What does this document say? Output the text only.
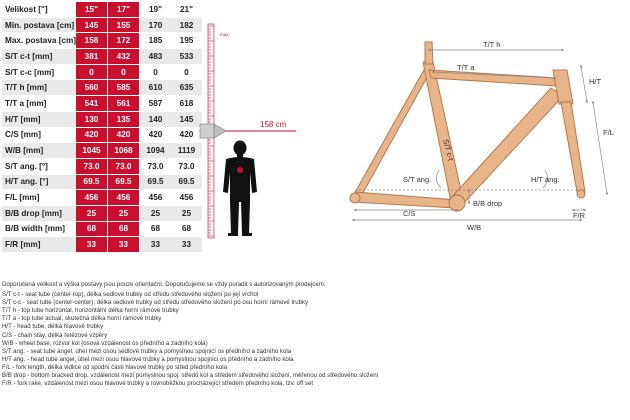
Velikost ["]	15"	17"	19"	21"
Min. postava [cm]	145	155	170	182
Max. postava [cm]	158	172	185	195
S/T c-t [mm]	381	432	483	533
S/T c-c [mm]	0	0	0	0
T/T h [mm]	560	585	610	635
T/T a [mm]	541	561	587	618
H/T [mm]	130	135	140	145
C/S [mm]	420	420	420	420
W/B [mm]	1045	1068	1094	1119
S/T ang. [°]	73.0	73.0	73.0	73.0
H/T ang. [°]	69.5	69.5	69.5	69.5
F/L [mm]	456	456	456	456
B/B drop [mm]	25	25	25	25
B/B width [mm]	68	68	68	68
F/R [mm]	33	33	33	33
max
158 cm
T/T h
T/T a
H/T
F/L
S/T c-t
S/T ang.	H/T ang.
C/S
B/B drop
W/B
F/R
Doporučená velikost a výška postavy jsou pouze orientační. Doporučujeme se vždy poradit s autorizovaným prodejcem.
S/T c-t - seat tube (center-top), délka sedlové trubky od středu středového složení po její vrchol
S/T c-c - seat tube (center-center), délka sedlové trubky od středu středového složení po osu horní rámové trubky
T/T h - top tube horizontal, horizontální délka horní rámové trubky
T/T a - top tube actual, skutečná délka horní rámové trubky
H/T - head tube, délka hlavové trubky
C/S - chain stay, délka řetězové vzpěry
W/B - wheel base, rozvor kol (osová vzdálenost os předního a zadního kola)
S/T ang. - seat tube angel, úhel mezi osou sedlové trubky a pomyslnou spojnicí os předního a zadního kola
H/T ang. - head tube angel, úhel mezi osou hlavové trubky a pomyslnou spojnicí os předního a zadního kola
F/L - fork length, délka vidlice od spodní části hlavové trubky po střed předního kola
B/B drop - bottom bracked drop, vzdálenost mezi pomyslnou spoj. středů kol a středem středového složení, měřenou od středového složení
F/R - fork rake, vzdálenost mezi osou hlavové trubky a rovnoběžkou procházející středem předního kola, tzv. off set
